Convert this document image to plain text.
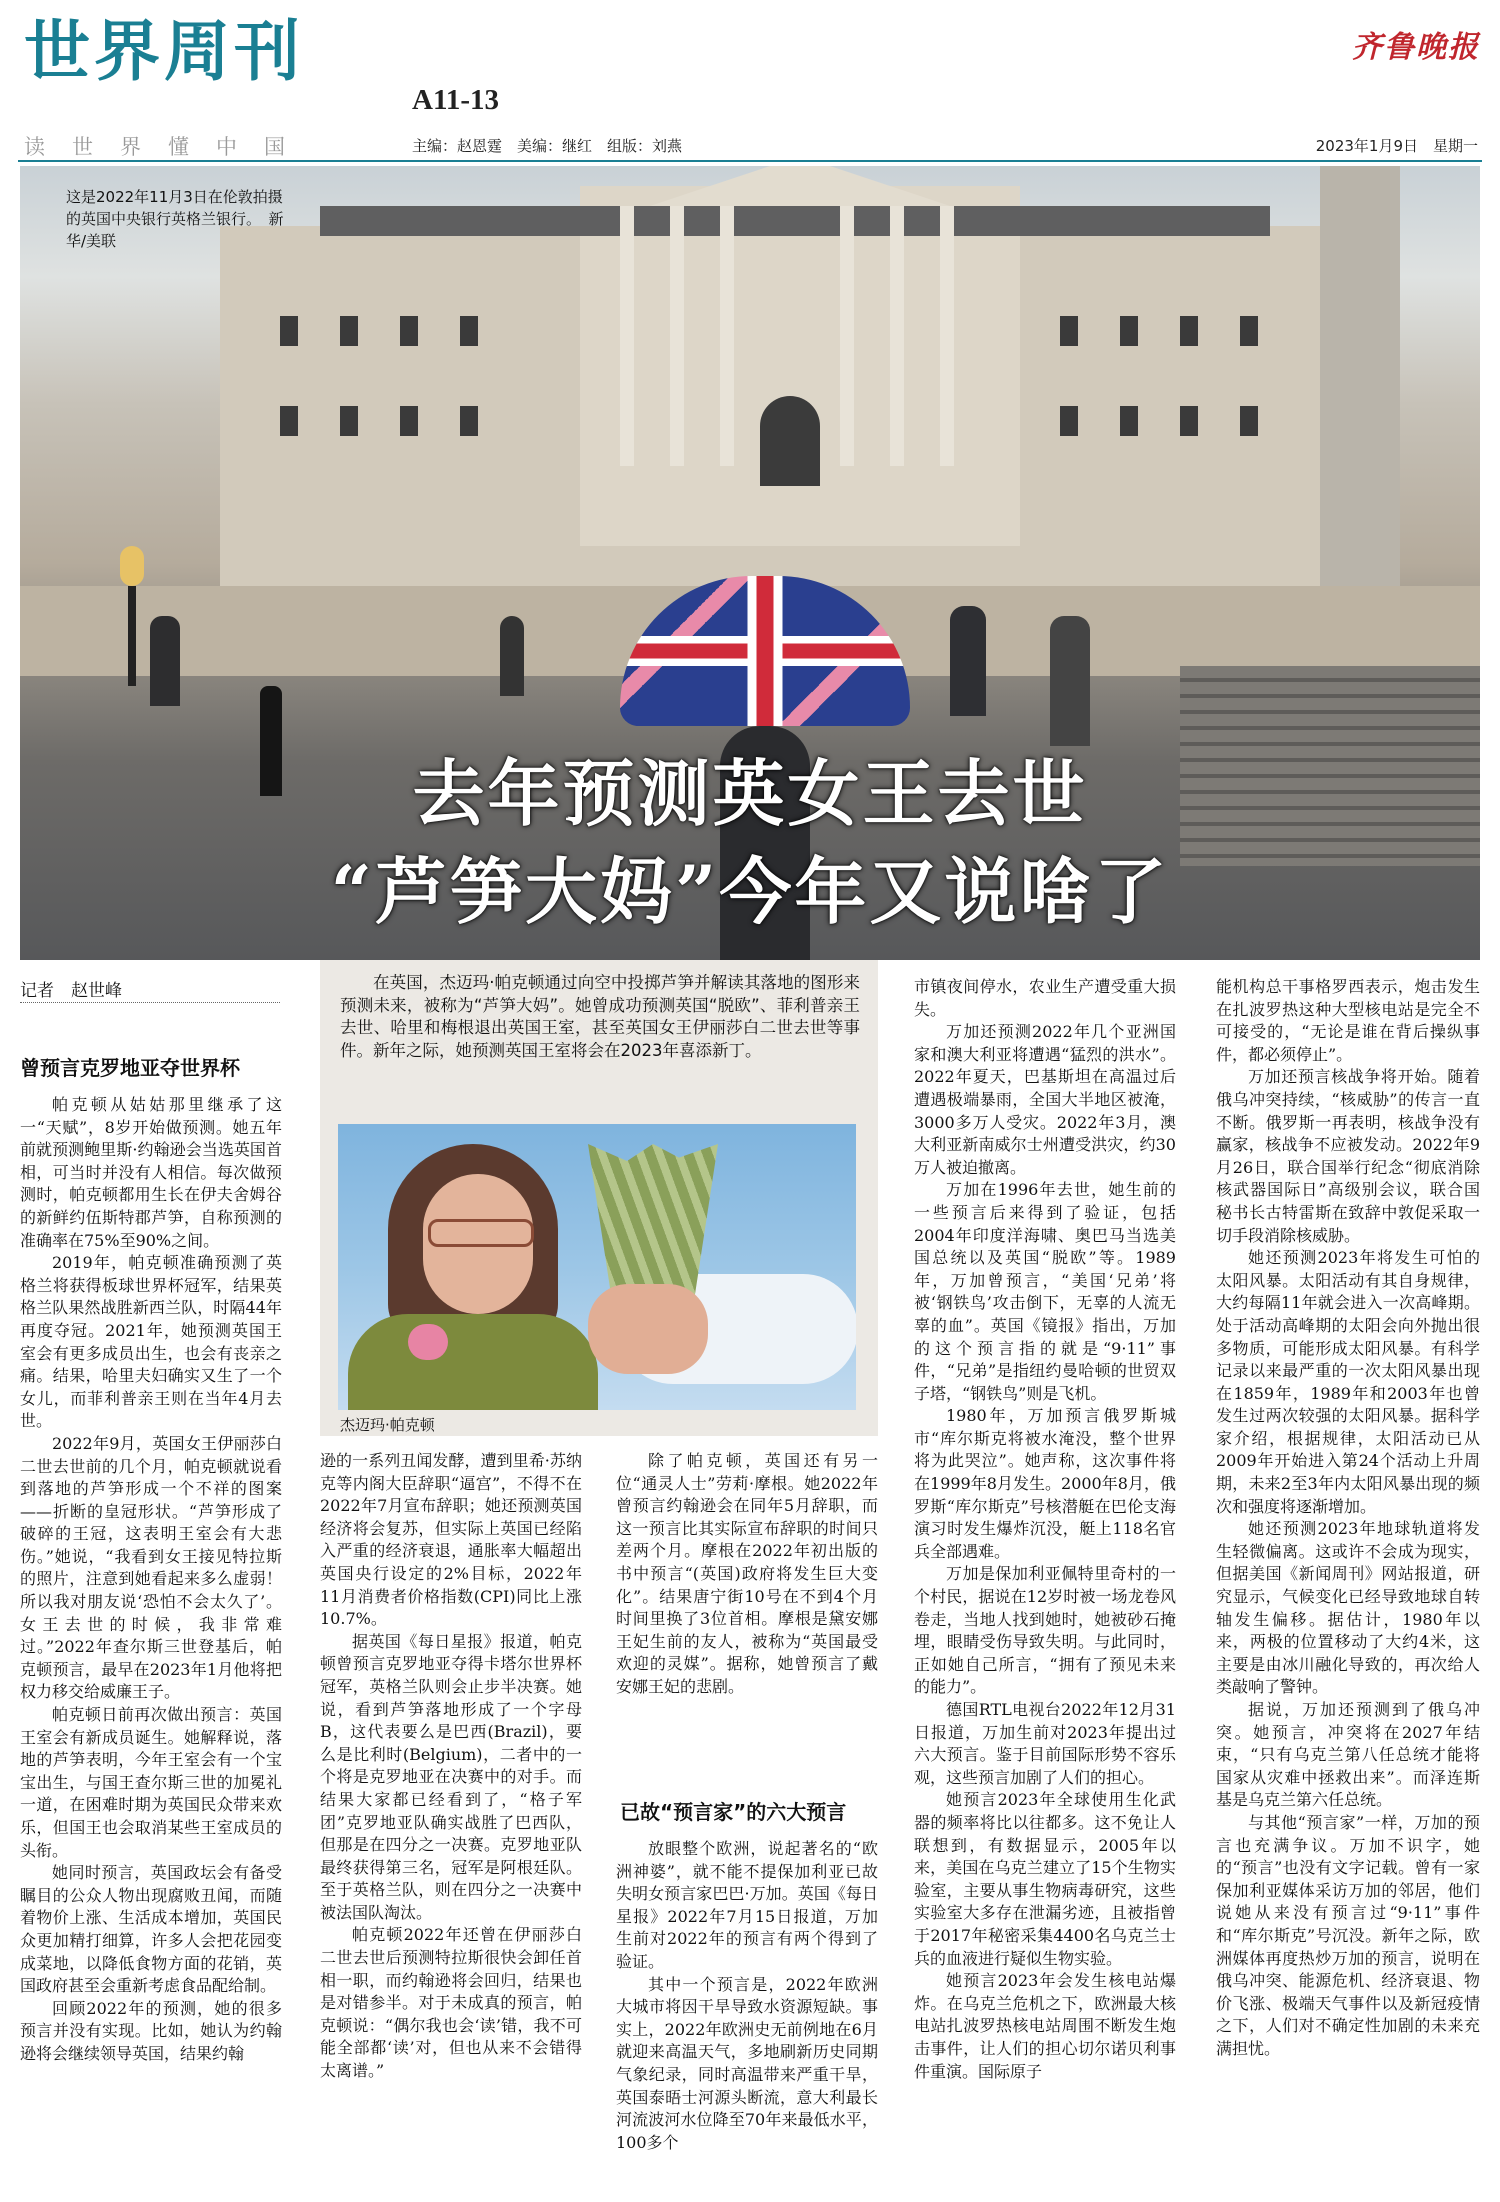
世界周刊
A11-13
读世界懂中国	主编：赵恩霆　美编：继红　组版：刘燕
齐鲁晚报
2023年1月9日　星期一
这是2022年11月3日在伦敦拍摄的英国中央银行英格兰银行。　新华/美联
去年预测英女王去世
“芦笋大妈”今年又说啥了
记者　赵世峰
曾预言克罗地亚夺世界杯

帕克顿从姑姑那里继承了这一“天赋”，8岁开始做预测。她五年前就预测鲍里斯·约翰逊会当选英国首相，可当时并没有人相信。每次做预测时，帕克顿都用生长在伊夫舍姆谷的新鲜约伍斯特郡芦笋，自称预测的准确率在75%至90%之间。

2019年，帕克顿准确预测了英格兰将获得板球世界杯冠军，结果英格兰队果然战胜新西兰队，时隔44年再度夺冠。2021年，她预测英国王室会有更多成员出生，也会有丧亲之痛。结果，哈里夫妇确实又生了一个女儿，而菲利普亲王则在当年4月去世。

2022年9月，英国女王伊丽莎白二世去世前的几个月，帕克顿就说看到落地的芦笋形成一个不祥的图案——折断的皇冠形状。“芦笋形成了破碎的王冠，这表明王室会有大悲伤。”她说，“我看到女王接见特拉斯的照片，注意到她看起来多么虚弱！所以我对朋友说‘恐怕不会太久了’。女王去世的时候，我非常难过。”2022年查尔斯三世登基后，帕克顿预言，最早在2023年1月他将把权力移交给威廉王子。

帕克顿日前再次做出预言：英国王室会有新成员诞生。她解释说，落地的芦笋表明，今年王室会有一个宝宝出生，与国王查尔斯三世的加冕礼一道，在困难时期为英国民众带来欢乐，但国王也会取消某些王室成员的头衔。

她同时预言，英国政坛会有备受瞩目的公众人物出现腐败丑闻，而随着物价上涨、生活成本增加，英国民众更加精打细算，许多人会把花园变成菜地，以降低食物方面的花销，英国政府甚至会重新考虑食品配给制。

回顾2022年的预测，她的很多预言并没有实现。比如，她认为约翰逊将会继续领导英国，结果约翰

在英国，杰迈玛·帕克顿通过向空中投掷芦笋并解读其落地的图形来预测未来，被称为“芦笋大妈”。她曾成功预测英国“脱欧”、菲利普亲王去世、哈里和梅根退出英国王室，甚至英国女王伊丽莎白二世去世等事件。新年之际，她预测英国王室将会在2023年喜添新丁。

杰迈玛·帕克顿

逊的一系列丑闻发酵，遭到里希·苏纳克等内阁大臣辞职“逼宫”，不得不在2022年7月宣布辞职；她还预测英国经济将会复苏，但实际上英国已经陷入严重的经济衰退，通胀率大幅超出英国央行设定的2%目标，2022年11月消费者价格指数(CPI)同比上涨10.7%。

据英国《每日星报》报道，帕克顿曾预言克罗地亚夺得卡塔尔世界杯冠军，英格兰队则会止步半决赛。她说，看到芦笋落地形成了一个字母B，这代表要么是巴西(Brazil)，要么是比利时(Belgium)，二者中的一个将是克罗地亚在决赛中的对手。而结果大家都已经看到了，“格子军团”克罗地亚队确实战胜了巴西队，但那是在四分之一决赛。克罗地亚队最终获得第三名，冠军是阿根廷队。至于英格兰队，则在四分之一决赛中被法国队淘汰。

帕克顿2022年还曾在伊丽莎白二世去世后预测特拉斯很快会卸任首相一职，而约翰逊将会回归，结果也是对错参半。对于未成真的预言，帕克顿说：“偶尔我也会‘读’错，我不可能全部都‘读’对，但也从来不会错得太离谱。”

除了帕克顿，英国还有另一位“通灵人士”劳莉·摩根。她2022年曾预言约翰逊会在同年5月辞职，而这一预言比其实际宣布辞职的时间只差两个月。摩根在2022年初出版的书中预言“(英国)政府将发生巨大变化”。结果唐宁街10号在不到4个月时间里换了3位首相。摩根是黛安娜王妃生前的友人，被称为“英国最受欢迎的灵媒”。据称，她曾预言了戴安娜王妃的悲剧。

已故“预言家”的六大预言

放眼整个欧洲，说起著名的“欧洲神婆”，就不能不提保加利亚已故失明女预言家巴巴·万加。英国《每日星报》2022年7月15日报道，万加生前对2022年的预言有两个得到了验证。

其中一个预言是，2022年欧洲大城市将因干旱导致水资源短缺。事实上，2022年欧洲史无前例地在6月就迎来高温天气，多地刷新历史同期气象纪录，同时高温带来严重干旱，英国泰晤士河源头断流，意大利最长河流波河水位降至70年来最低水平，100多个

市镇夜间停水，农业生产遭受重大损失。

万加还预测2022年几个亚洲国家和澳大利亚将遭遇“猛烈的洪水”。2022年夏天，巴基斯坦在高温过后遭遇极端暴雨，全国大半地区被淹，3000多万人受灾。2022年3月，澳大利亚新南威尔士州遭受洪灾，约30万人被迫撤离。

万加在1996年去世，她生前的一些预言后来得到了验证，包括2004年印度洋海啸、奥巴马当选美国总统以及英国“脱欧”等。1989年，万加曾预言，“美国‘兄弟’将被‘钢铁鸟’攻击倒下，无辜的人流无辜的血”。英国《镜报》指出，万加的这个预言指的就是“9·11”事件，“兄弟”是指纽约曼哈顿的世贸双子塔，“钢铁鸟”则是飞机。

1980年，万加预言俄罗斯城市“库尔斯克将被水淹没，整个世界将为此哭泣”。她声称，这次事件将在1999年8月发生。2000年8月，俄罗斯“库尔斯克”号核潜艇在巴伦支海演习时发生爆炸沉没，艇上118名官兵全部遇难。

万加是保加利亚佩特里奇村的一个村民，据说在12岁时被一场龙卷风卷走，当地人找到她时，她被砂石掩埋，眼睛受伤导致失明。与此同时，正如她自己所言，“拥有了预见未来的能力”。

德国RTL电视台2022年12月31日报道，万加生前对2023年提出过六大预言。鉴于目前国际形势不容乐观，这些预言加剧了人们的担心。

她预言2023年全球使用生化武器的频率将比以往都多。这不免让人联想到，有数据显示，2005年以来，美国在乌克兰建立了15个生物实验室，主要从事生物病毒研究，这些实验室大多存在泄漏劣迹，且被指曾于2017年秘密采集4400名乌克兰士兵的血液进行疑似生物实验。

她预言2023年会发生核电站爆炸。在乌克兰危机之下，欧洲最大核电站扎波罗热核电站周围不断发生炮击事件，让人们的担心切尔诺贝利事件重演。国际原子

能机构总干事格罗西表示，炮击发生在扎波罗热这种大型核电站是完全不可接受的，“无论是谁在背后操纵事件，都必须停止”。

万加还预言核战争将开始。随着俄乌冲突持续，“核威胁”的传言一直不断。俄罗斯一再表明，核战争没有赢家，核战争不应被发动。2022年9月26日，联合国举行纪念“彻底消除核武器国际日”高级别会议，联合国秘书长古特雷斯在致辞中敦促采取一切手段消除核威胁。

她还预测2023年将发生可怕的太阳风暴。太阳活动有其自身规律，大约每隔11年就会进入一次高峰期。处于活动高峰期的太阳会向外抛出很多物质，可能形成太阳风暴。有科学记录以来最严重的一次太阳风暴出现在1859年，1989年和2003年也曾发生过两次较强的太阳风暴。据科学家介绍，根据规律，太阳活动已从2009年开始进入第24个活动上升周期，未来2至3年内太阳风暴出现的频次和强度将逐渐增加。

她还预测2023年地球轨道将发生轻微偏离。这或许不会成为现实，但据美国《新闻周刊》网站报道，研究显示，气候变化已经导致地球自转轴发生偏移。据估计，1980年以来，两极的位置移动了大约4米，这主要是由冰川融化导致的，再次给人类敲响了警钟。

据说，万加还预测到了俄乌冲突。她预言，冲突将在2027年结束，“只有乌克兰第八任总统才能将国家从灾难中拯救出来”。而泽连斯基是乌克兰第六任总统。

与其他“预言家”一样，万加的预言也充满争议。万加不识字，她的“预言”也没有文字记载。曾有一家保加利亚媒体采访万加的邻居，他们说她从来没有预言过“9·11”事件和“库尔斯克”号沉没。新年之际，欧洲媒体再度热炒万加的预言，说明在俄乌冲突、能源危机、经济衰退、物价飞涨、极端天气事件以及新冠疫情之下，人们对不确定性加剧的未来充满担忧。
